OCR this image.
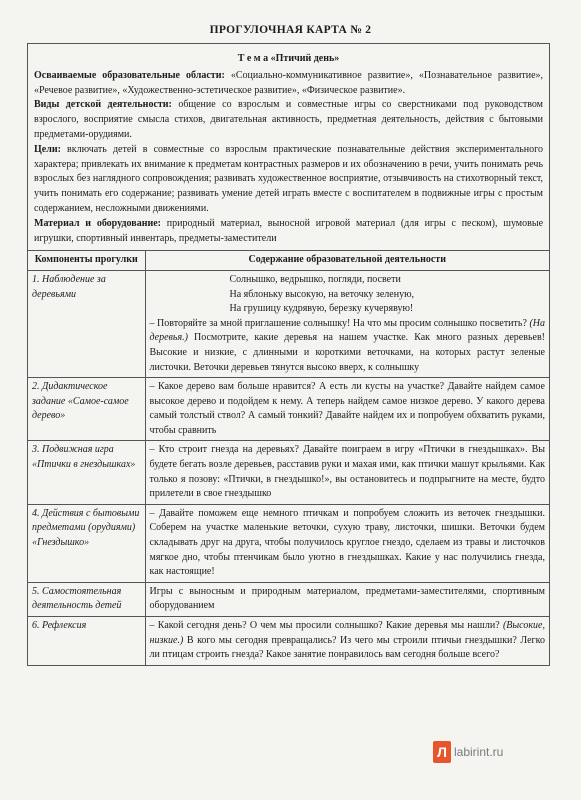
ПРОГУЛОЧНАЯ КАРТА № 2
Т е м а «Птичий день»

Осваиваемые образовательные области: «Социально-коммуникативное развитие», «Познавательное развитие», «Речевое развитие», «Художественно-эстетическое развитие», «Физическое развитие».

Виды детской деятельности: общение со взрослым и совместные игры со сверстниками под руководством взрослого, восприятие смысла стихов, двигательная активность, предметная деятельность, действия с бытовыми предметами-орудиями.

Цели: включать детей в совместные со взрослым практические познавательные действия экспериментального характера; привлекать их внимание к предметам контрастных размеров и их обозначению в речи, учить понимать речь взрослых без наглядного сопровождения; развивать художественное восприятие, отзывчивость на стихотворный текст, учить понимать его содержание; развивать умение детей играть вместе с воспитателем в подвижные игры с простым содержанием, несложными движениями.

Материал и оборудование: природный материал, выносной игровой материал (для игры с песком), шумовые игрушки, спортивный инвентарь, предметы-заместители

Компоненты прогулки	Содержание образовательной деятельности
1. Наблюдение за деревьями	Солнышко, ведрышко, погляди, посвети
На яблоньку высокую, на веточку зеленую,
На грушицу кудрявую, березку кучерявую!
– Повторяйте за мной приглашение солнышку! На что мы просим солнышко посветить? (На деревья.) Посмотрите, какие деревья на нашем участке. Как много разных деревьев! Высокие и низкие, с длинными и короткими веточками, на которых растут зеленые листочки. Веточки деревьев тянутся высоко вверх, к солнышку
2. Дидактическое задание «Самое-самое дерево»	– Какое дерево вам больше нравится? А есть ли кусты на участке? Давайте найдем самое высокое дерево и подойдем к нему. А теперь найдем самое низкое дерево. У какого дерева самый толстый ствол? А самый тонкий? Давайте найдем их и попробуем обхватить руками, чтобы сравнить
3. Подвижная игра «Птички в гнездышках»	– Кто строит гнезда на деревьях? Давайте поиграем в игру «Птички в гнездышках». Вы будете бегать возле деревьев, расставив руки и махая ими, как птички машут крыльями. Как только я позову: «Птички, в гнездышко!», вы остановитесь и подпрыгните на месте, будто прилетели в свое гнездышко
4. Действия с бытовыми предметами (орудиями) «Гнездышко»	– Давайте поможем еще немного птичкам и попробуем сложить из веточек гнездышки. Соберем на участке маленькие веточки, сухую траву, листочки, шишки. Веточки будем складывать друг на друга, чтобы получилось круглое гнездо, сделаем из травы и листочков мягкое дно, чтобы птенчикам было уютно в гнездышках. Какие у нас получились гнезда, как настоящие!
5. Самостоятельная деятельность детей	Игры с выносным и природным материалом, предметами-заместителями, спортивным оборудованием
6. Рефлексия	– Какой сегодня день? О чем мы просили солнышко? Какие деревья мы нашли? (Высокие, низкие.) В кого мы сегодня превращались? Из чего мы строили птичьи гнездышки? Легко ли птицам строить гнезда? Какое занятие понравилось вам сегодня больше всего?
Л labirint.ru
